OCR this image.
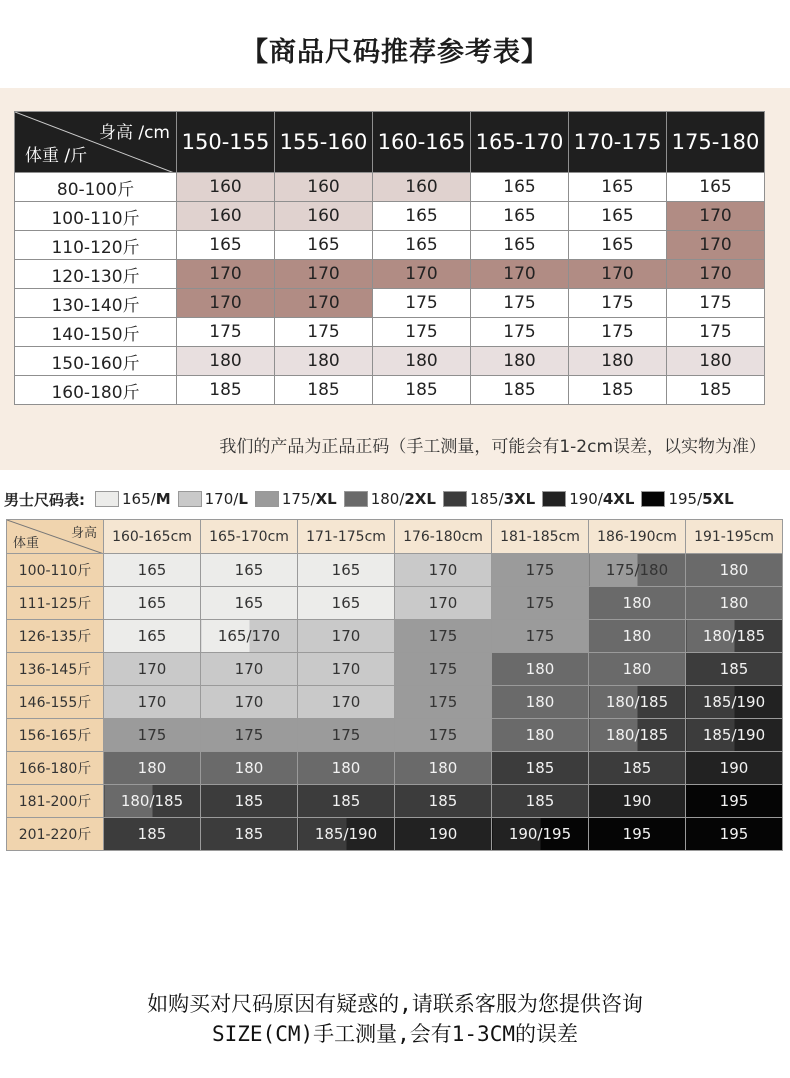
【商品尺码推荐参考表】
身高 /cm
体重 /斤	150-155	155-160	160-165	165-170	170-175	175-180
80-100斤	160	160	160	165	165	165
100-110斤	160	160	165	165	165	170
110-120斤	165	165	165	165	165	170
120-130斤	170	170	170	170	170	170
130-140斤	170	170	175	175	175	175
140-150斤	175	175	175	175	175	175
150-160斤	180	180	180	180	180	180
160-180斤	185	185	185	185	185	185
我们的产品为正品正码（手工测量，可能会有1-2cm误差，以实物为准）
男士尺码表: 165/ M 170/ L 175/ XL 180/ 2XL 185/ 3XL 190/ 4XL 195/ 5XL
身高
体重	160-165cm	165-170cm	171-175cm	176-180cm	181-185cm	186-190cm	191-195cm
100-110斤	165	165	165	170	175	175/180	180
111-125斤	165	165	165	170	175	180	180
126-135斤	165	165/170	170	175	175	180	180/185
136-145斤	170	170	170	175	180	180	185
146-155斤	170	170	170	175	180	180/185	185/190
156-165斤	175	175	175	175	180	180/185	185/190
166-180斤	180	180	180	180	185	185	190
181-200斤	180/185	185	185	185	185	190	195
201-220斤	185	185	185/190	190	190/195	195	195
如购买对尺码原因有疑惑的,请联系客服为您提供咨询
SIZE(CM)手工测量,会有1-3CM的误差
